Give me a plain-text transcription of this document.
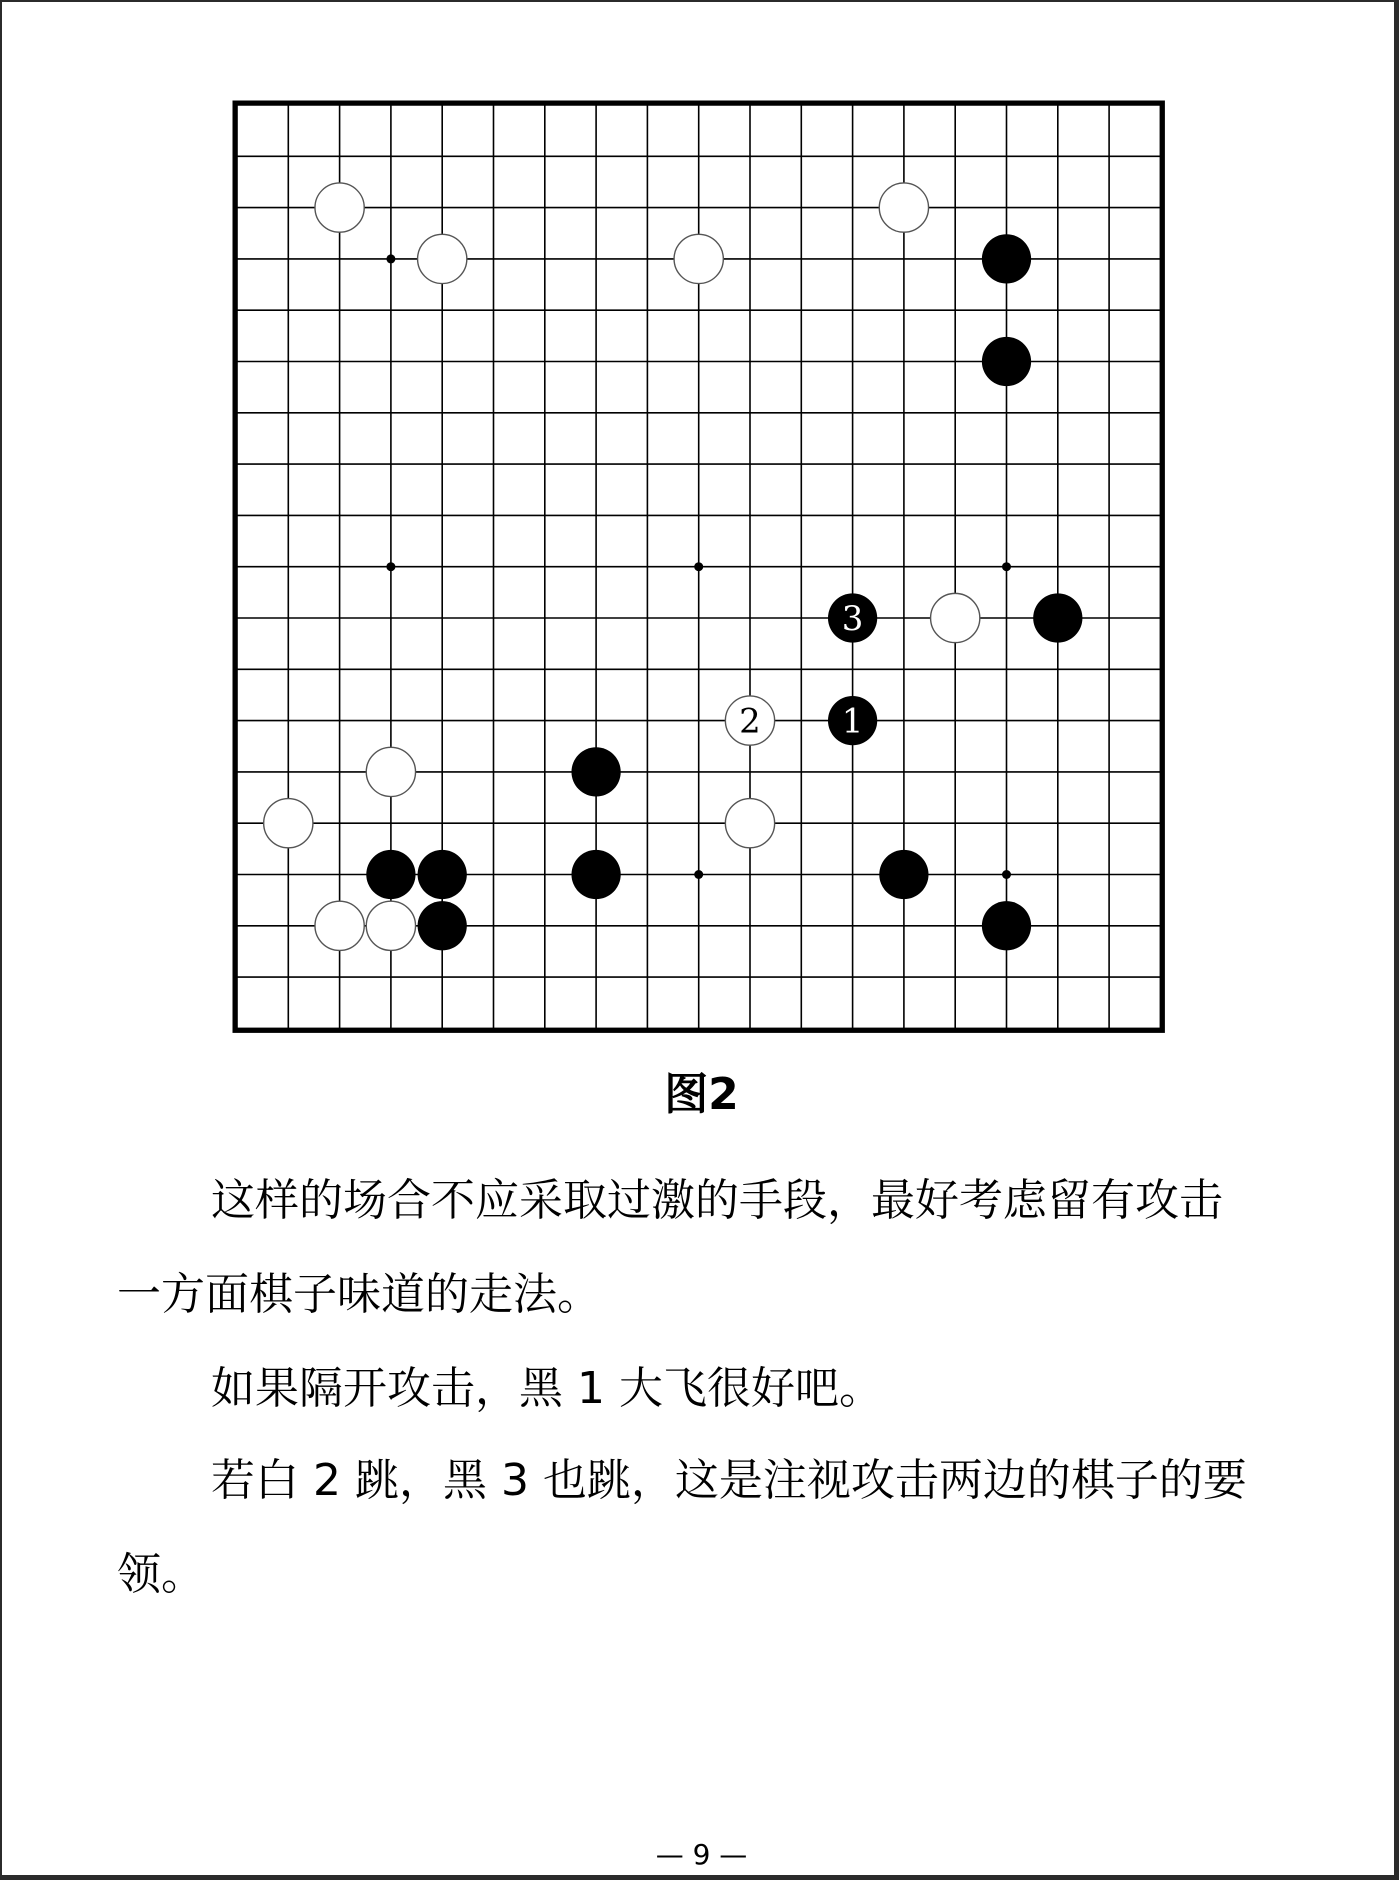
3
2 1
图2
这样的场合不应采取过激的手段，最好考虑留有攻击
一方面棋子味道的走法。
如果隔开攻击，黑 1 大飞很好吧。
若白 2 跳，黑 3 也跳，这是注视攻击两边的棋子的要
领。
— 9 —
